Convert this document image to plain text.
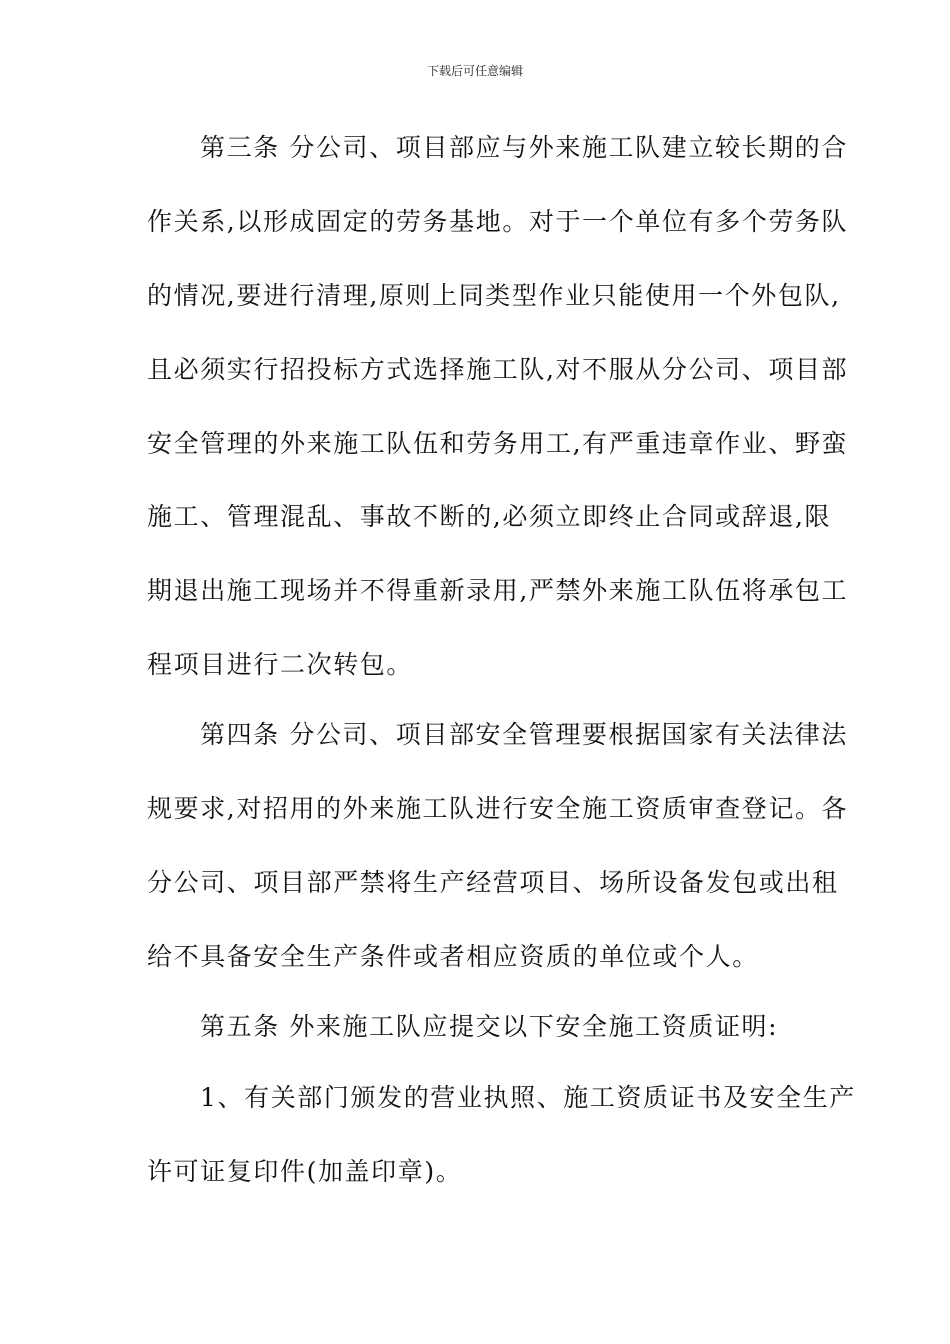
下载后可任意编辑
第三条 分公司、项目部应与外来施工队建立较长期的合
作关系,以形成固定的劳务基地。对于一个单位有多个劳务队
的情况,要进行清理,原则上同类型作业只能使用一个外包队,
且必须实行招投标方式选择施工队,对不服从分公司、项目部
安全管理的外来施工队伍和劳务用工,有严重违章作业、野蛮
施工、管理混乱、事故不断的,必须立即终止合同或辞退,限
期退出施工现场并不得重新录用,严禁外来施工队伍将承包工
程项目进行二次转包。
第四条 分公司、项目部安全管理要根据国家有关法律法
规要求,对招用的外来施工队进行安全施工资质审查登记。各
分公司、项目部严禁将生产经营项目、场所设备发包或出租
给不具备安全生产条件或者相应资质的单位或个人。
第五条 外来施工队应提交以下安全施工资质证明:
1、有关部门颁发的营业执照、施工资质证书及安全生产
许可证复印件(加盖印章)。
